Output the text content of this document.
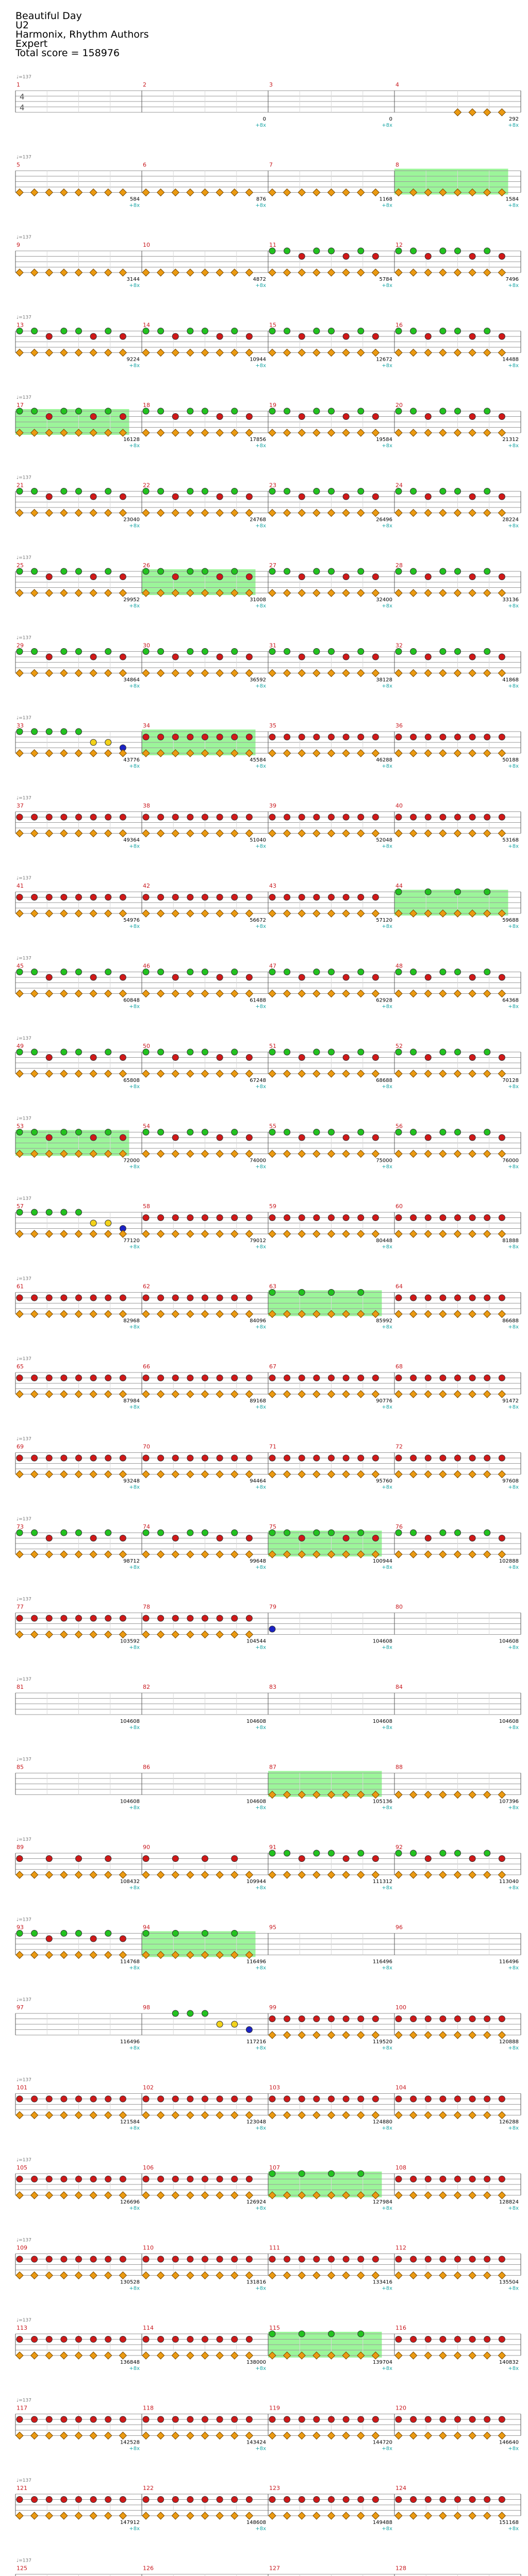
Beautiful Day
U2
Harmonix, Rhythm Authors
Expert
Total score = 158976
♩=137
4
4
1	2
0
+8x
3
0
+8x
4
292
+8x
♩=137
5
584
+8x
6
876
+8x
7
1168
+8x
8
1584
+8x
♩=137
9
3144
+8x
10
4872
+8x
11
5784
+8x
12
7496
+8x
♩=137
13
9224
+8x
14
10944
+8x
15
12672
+8x
16
14488
+8x
♩=137
17
16128
+8x
18
17856
+8x
19
19584
+8x
20
21312
+8x
♩=137
21
23040
+8x
22
24768
+8x
23
26496
+8x
24
28224
+8x
♩=137
25
29952
+8x
26
31008
+8x
27
32400
+8x
28
33136
+8x
♩=137
29
34864
+8x
30
36592
+8x
31
38128
+8x
32
41868
+8x
♩=137
33
43776
+8x
34
45584
+8x
35
46288
+8x
36
50188
+8x
♩=137
37
49364
+8x
38
51040
+8x
39
52048
+8x
40
53168
+8x
♩=137
41
54976
+8x
42
56672
+8x
43
57120
+8x
44
59688
+8x
♩=137
45
60848
+8x
46
61488
+8x
47
62928
+8x
48
64368
+8x
♩=137
49
65808
+8x
50
67248
+8x
51
68688
+8x
52
70128
+8x
♩=137
53
72000
+8x
54
74000
+8x
55
75000
+8x
56
76000
+8x
♩=137
57
77120
+8x
58
79012
+8x
59
80448
+8x
60
81888
+8x
♩=137
61
82968
+8x
62
84096
+8x
63
85992
+8x
64
86688
+8x
♩=137
65
87984
+8x
66
89168
+8x
67
90776
+8x
68
91472
+8x
♩=137
69
93248
+8x
70
94464
+8x
71
95760
+8x
72
97608
+8x
♩=137
73
98712
+8x
74
99648
+8x
75
100944
+8x
76
102888
+8x
♩=137
77
103592
+8x
78
104544
+8x
79
104608
+8x
80
104608
+8x
♩=137
81
104608
+8x
82
104608
+8x
83
104608
+8x
84
104608
+8x
♩=137
85
104608
+8x
86
104608
+8x
87
105136
+8x
88
107396
+8x
♩=137
89
108432
+8x
90
109944
+8x
91
111312
+8x
92
113040
+8x
♩=137
93
114768
+8x
94
116496
+8x
95
116496
+8x
96
116496
+8x
♩=137
97
116496
+8x
98
117216
+8x
99
119520
+8x
100
120888
+8x
♩=137
101
121584
+8x
102
123048
+8x
103
124880
+8x
104
126288
+8x
♩=137
105
126696
+8x
106
126924
+8x
107
127984
+8x
108
128824
+8x
♩=137
109
130528
+8x
110
131816
+8x
111
133416
+8x
112
135504
+8x
♩=137
113
136848
+8x
114
138000
+8x
115
139704
+8x
116
140832
+8x
♩=137
117
142528
+8x
118
143424
+8x
119
144720
+8x
120
146640
+8x
♩=137
121
147912
+8x
122
148608
+8x
123
149488
+8x
124
151168
+8x
♩=137
125	126	127	128
